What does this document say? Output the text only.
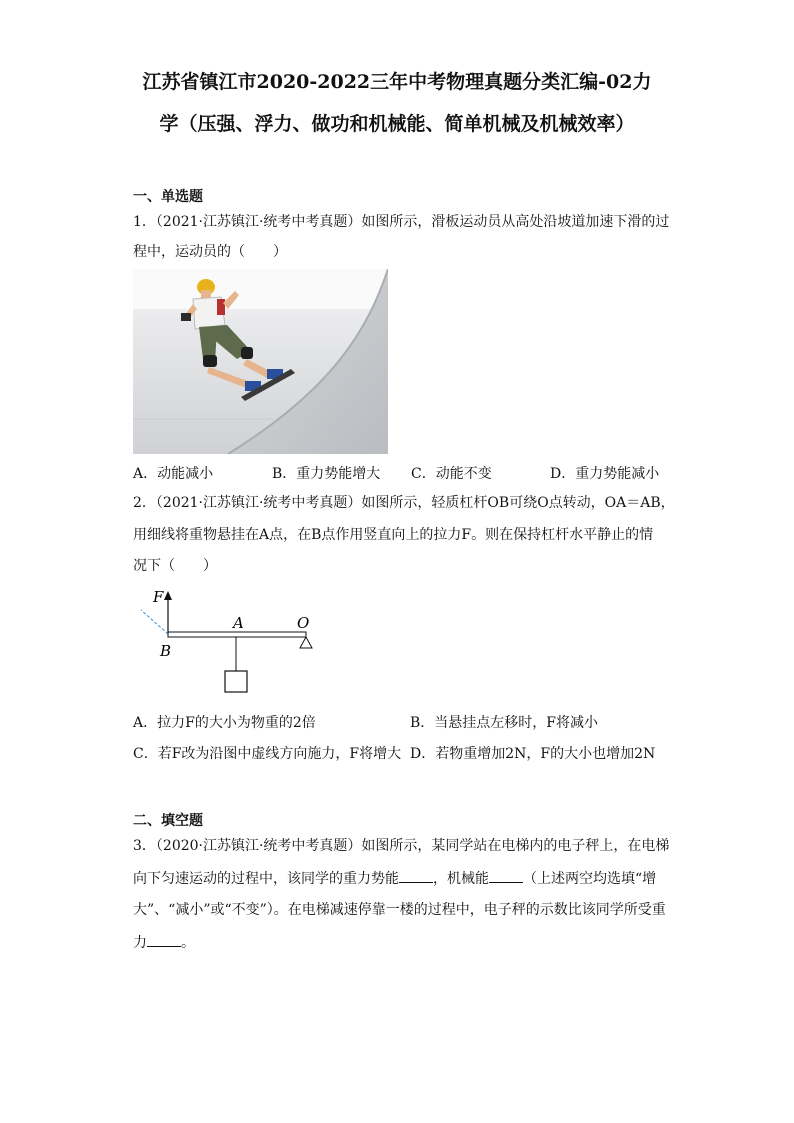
江苏省镇江市2020-2022三年中考物理真题分类汇编-02力
学（压强、浮力、做功和机械能、简单机械及机械效率）
一、单选题
1．（2021·江苏镇江·统考中考真题）如图所示，滑板运动员从高处沿坡道加速下滑的过
程中，运动员的（　　）
A．动能减小	B．重力势能增大 C．动能不变	D．重力势能减小
2．（2021·江苏镇江·统考中考真题）如图所示，轻质杠杆OB可绕O点转动，OA＝AB，
用细线将重物悬挂在A点，在B点作用竖直向上的拉力F。则在保持杠杆水平静止的情
况下（　　）
F
A	O
B
A．拉力F的大小为物重的2倍	B．当悬挂点左移时，F将减小
C．若F改为沿图中虚线方向施力，F将增大 D．若物重增加2N，F的大小也增加2N
二、填空题
3．（2020·江苏镇江·统考中考真题）如图所示，某同学站在电梯内的电子秤上，在电梯
向下匀速运动的过程中，该同学的重力势能 ，机械能 （上述两空均选填“增
大”、“减小”或“不变”）。在电梯减速停靠一楼的过程中，电子秤的示数比该同学所受重
力 。
